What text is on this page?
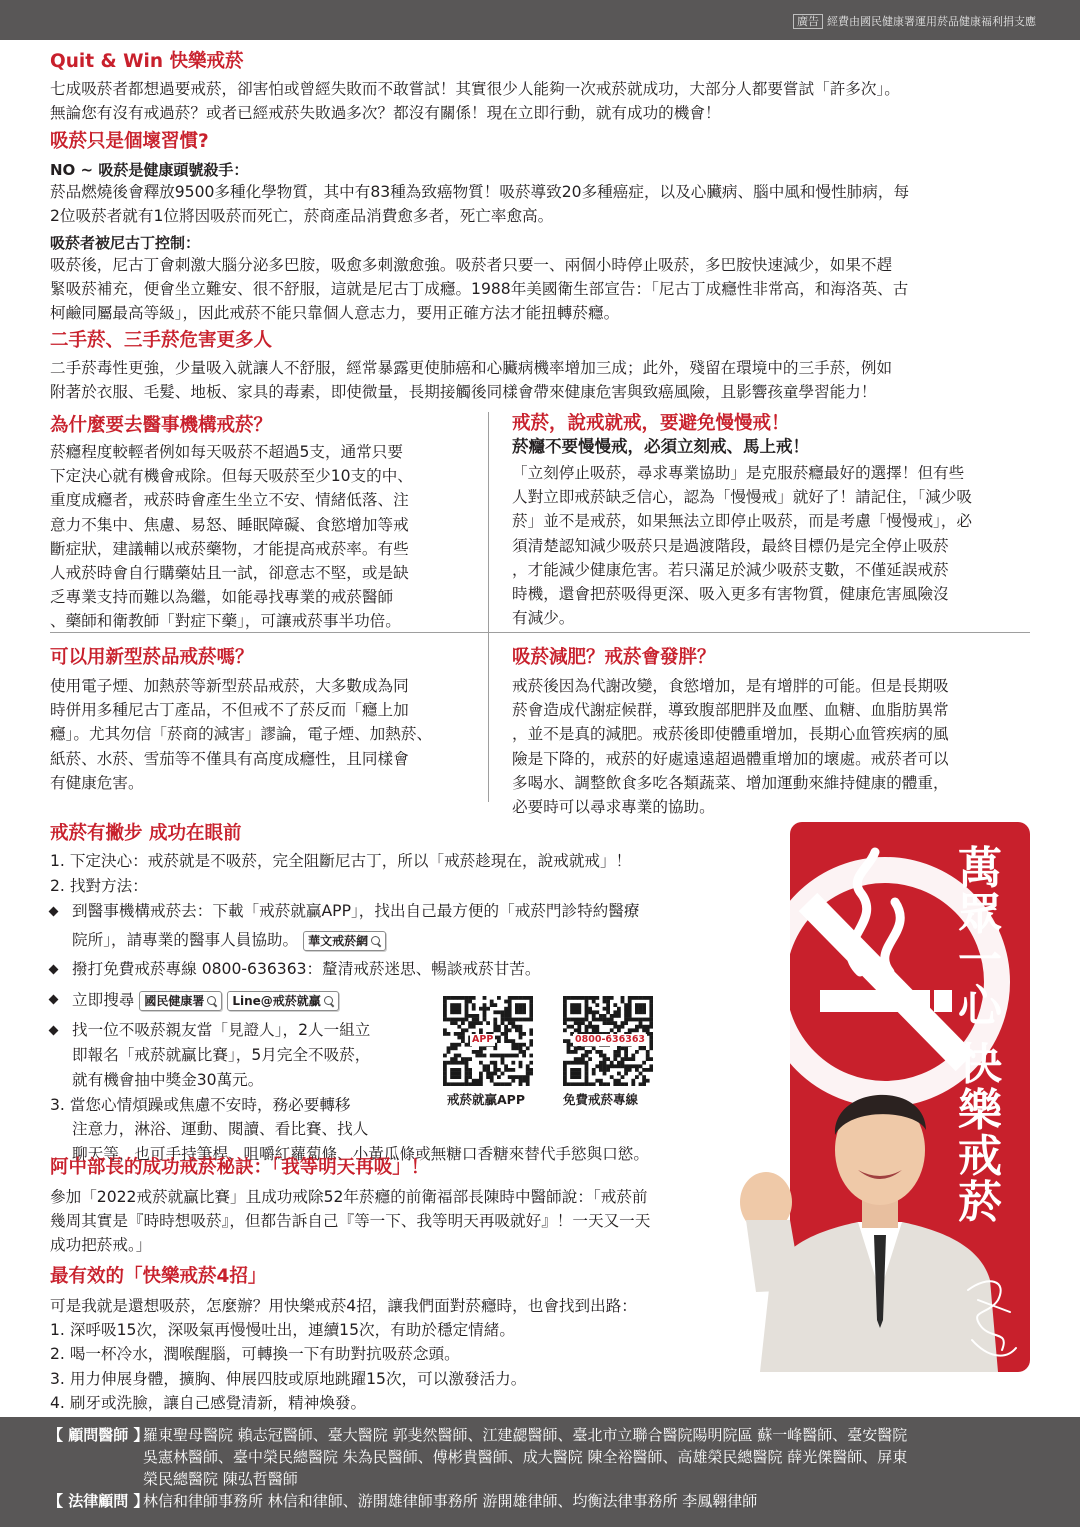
廣告 經費由國民健康署運用菸品健康福利捐支應
Quit & Win 快樂戒菸
七成吸菸者都想過要戒菸，卻害怕或曾經失敗而不敢嘗試！其實很少人能夠一次戒菸就成功，大部分人都要嘗試「許多次」。
無論您有沒有戒過菸？或者已經戒菸失敗過多次？都沒有關係！現在立即行動，就有成功的機會！
吸菸只是個壞習慣?
NO ~ 吸菸是健康頭號殺手：
菸品燃燒後會釋放9500多種化學物質，其中有83種為致癌物質！吸菸導致20多種癌症，以及心臟病、腦中風和慢性肺病，每
2位吸菸者就有1位將因吸菸而死亡，菸商產品消費愈多者，死亡率愈高。
吸菸者被尼古丁控制：
吸菸後，尼古丁會刺激大腦分泌多巴胺，吸愈多刺激愈強。吸菸者只要一、兩個小時停止吸菸，多巴胺快速減少，如果不趕
緊吸菸補充，便會坐立難安、很不舒服，這就是尼古丁成癮。1988年美國衛生部宣告：「尼古丁成癮性非常高，和海洛英、古
柯鹼同屬最高等級」，因此戒菸不能只靠個人意志力，要用正確方法才能扭轉菸癮。
二手菸、三手菸危害更多人
二手菸毒性更強，少量吸入就讓人不舒服，經常暴露更使肺癌和心臟病機率增加三成；此外，殘留在環境中的三手菸，例如
附著於衣服、毛髮、地板、家具的毒素，即使微量，長期接觸後同樣會帶來健康危害與致癌風險，且影響孩童學習能力！
為什麼要去醫事機構戒菸？
菸癮程度較輕者例如每天吸菸不超過5支，通常只要
下定決心就有機會戒除。但每天吸菸至少10支的中、
重度成癮者，戒菸時會產生坐立不安、情緒低落、注
意力不集中、焦慮、易怒、睡眠障礙、食慾增加等戒
斷症狀，建議輔以戒菸藥物，才能提高戒菸率。有些
人戒菸時會自行購藥姑且一試，卻意志不堅，或是缺
乏專業支持而難以為繼，如能尋找專業的戒菸醫師
、藥師和衛教師「對症下藥」，可讓戒菸事半功倍。
戒菸，說戒就戒，要避免慢慢戒！
菸癮不要慢慢戒，必須立刻戒、馬上戒！
「立刻停止吸菸，尋求專業協助」是克服菸癮最好的選擇！但有些
人對立即戒菸缺乏信心，認為「慢慢戒」就好了！請記住，「減少吸
菸」並不是戒菸，如果無法立即停止吸菸，而是考慮「慢慢戒」，必
須清楚認知減少吸菸只是過渡階段，最終目標仍是完全停止吸菸
，才能減少健康危害。若只滿足於減少吸菸支數，不僅延誤戒菸
時機，還會把菸吸得更深、吸入更多有害物質，健康危害風險沒
有減少。
可以用新型菸品戒菸嗎？
使用電子煙、加熱菸等新型菸品戒菸，大多數成為同
時併用多種尼古丁產品，不但戒不了菸反而「癮上加
癮」。尤其勿信「菸商的減害」謬論，電子煙、加熱菸、
紙菸、水菸、雪茄等不僅具有高度成癮性，且同樣會
有健康危害。
吸菸減肥？戒菸會發胖？
戒菸後因為代謝改變，食慾增加，是有增胖的可能。但是長期吸
菸會造成代謝症候群，導致腹部肥胖及血壓、血糖、血脂肪異常
，並不是真的減肥。戒菸後即使體重增加，長期心血管疾病的風
險是下降的，戒菸的好處遠遠超過體重增加的壞處。戒菸者可以
多喝水、調整飲食多吃各類蔬菜、增加運動來維持健康的體重，
必要時可以尋求專業的協助。
戒菸有撇步 成功在眼前
1. 下定決心：戒菸就是不吸菸，完全阻斷尼古丁，所以「戒菸趁現在，說戒就戒」！
2. 找對方法：
到醫事機構戒菸去：下載「戒菸就贏APP」，找出自己最方便的「戒菸門診特約醫療
院所」，請專業的醫事人員協助。 華文戒菸網
撥打免費戒菸專線 0800-636363：釐清戒菸迷思、暢談戒菸甘苦。
立即搜尋 國民健康署
Line@戒菸就贏
找一位不吸菸親友當「見證人」，2人一組立
即報名「戒菸就贏比賽」，5月完全不吸菸，
就有機會抽中獎金30萬元。
3. 當您心情煩躁或焦慮不安時，務必要轉移
注意力，淋浴、運動、閱讀、看比賽、找人
聊天等，也可手持筆桿、咀嚼紅蘿蔔條、小黃瓜條或無糖口香糖來替代手慾與口慾。
APP
戒菸就贏APP
0800-636363
免費戒菸專線
阿中部長的成功戒菸秘訣：「我等明天再吸」！
參加「2022戒菸就贏比賽」且成功戒除52年菸癮的前衛福部長陳時中醫師說：「戒菸前
幾周其實是『時時想吸菸』，但都告訴自己『等一下、我等明天再吸就好』！一天又一天
成功把菸戒。」
最有效的「快樂戒菸4招」
可是我就是還想吸菸，怎麼辦？用快樂戒菸4招，讓我們面對菸癮時，也會找到出路：
1. 深呼吸15次，深吸氣再慢慢吐出，連續15次，有助於穩定情緒。
2. 喝一杯冷水，潤喉醒腦，可轉換一下有助對抗吸菸念頭。
3. 用力伸展身體，擴胸、伸展四肢或原地跳躍15次，可以激發活力。
4. 刷牙或洗臉，讓自己感覺清新，精神煥發。
萬
眾
一
心
快
樂
戒
菸
【 顧問醫師 】羅東聖母醫院 賴志冠醫師、臺大醫院 郭斐然醫師、江建勰醫師、臺北市立聯合醫院陽明院區 蘇一峰醫師、臺安醫院
吳憲林醫師、臺中榮民總醫院 朱為民醫師、傅彬貴醫師、成大醫院 陳全裕醫師、高雄榮民總醫院 薛光傑醫師、屏東
榮民總醫院 陳弘哲醫師
【 法律顧問 】林信和律師事務所 林信和律師、游開雄律師事務所 游開雄律師、均衡法律事務所 李鳳翱律師
